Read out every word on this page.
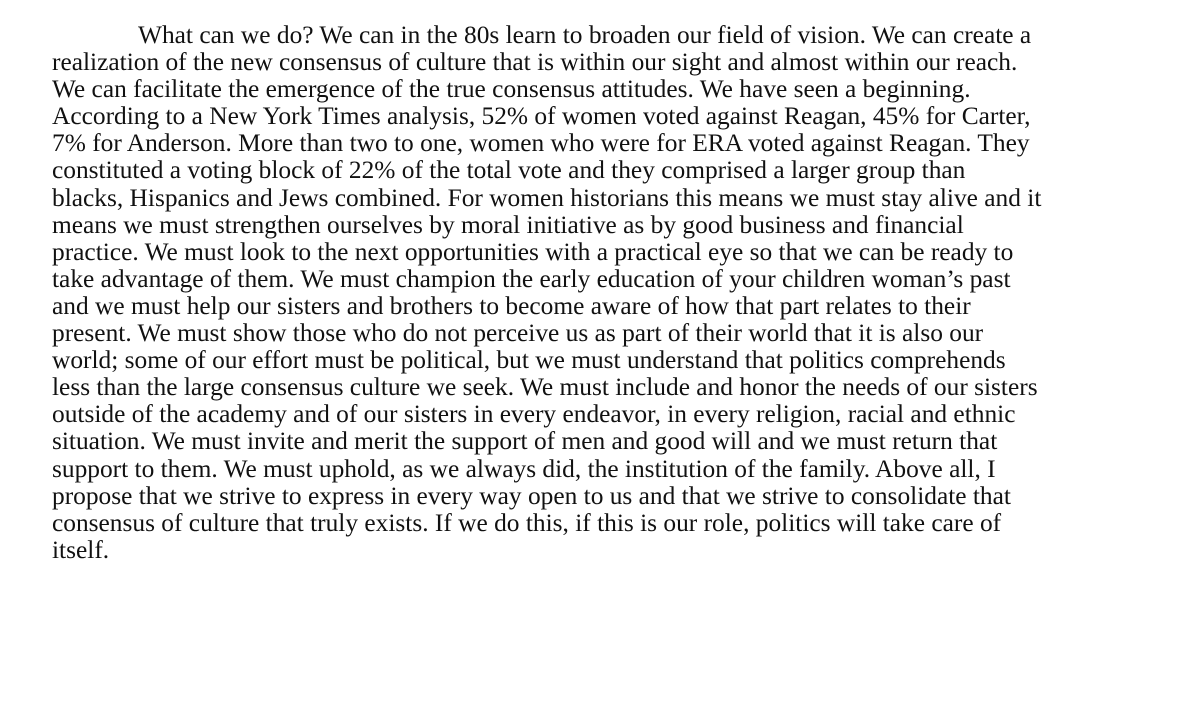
What can we do? We can in the 80s learn to broaden our field of vision. We can create a
realization of the new consensus of culture that is within our sight and almost within our reach.
We can facilitate the emergence of the true consensus attitudes. We have seen a beginning.
According to a New York Times analysis, 52% of women voted against Reagan, 45% for Carter,
7% for Anderson. More than two to one, women who were for ERA voted against Reagan. They
constituted a voting block of 22% of the total vote and they comprised a larger group than
blacks, Hispanics and Jews combined. For women historians this means we must stay alive and it
means we must strengthen ourselves by moral initiative as by good business and financial
practice. We must look to the next opportunities with a practical eye so that we can be ready to
take advantage of them. We must champion the early education of your children woman’s past
and we must help our sisters and brothers to become aware of how that part relates to their
present. We must show those who do not perceive us as part of their world that it is also our
world; some of our effort must be political, but we must understand that politics comprehends
less than the large consensus culture we seek. We must include and honor the needs of our sisters
outside of the academy and of our sisters in every endeavor, in every religion, racial and ethnic
situation. We must invite and merit the support of men and good will and we must return that
support to them. We must uphold, as we always did, the institution of the family. Above all, I
propose that we strive to express in every way open to us and that we strive to consolidate that
consensus of culture that truly exists. If we do this, if this is our role, politics will take care of
itself.
